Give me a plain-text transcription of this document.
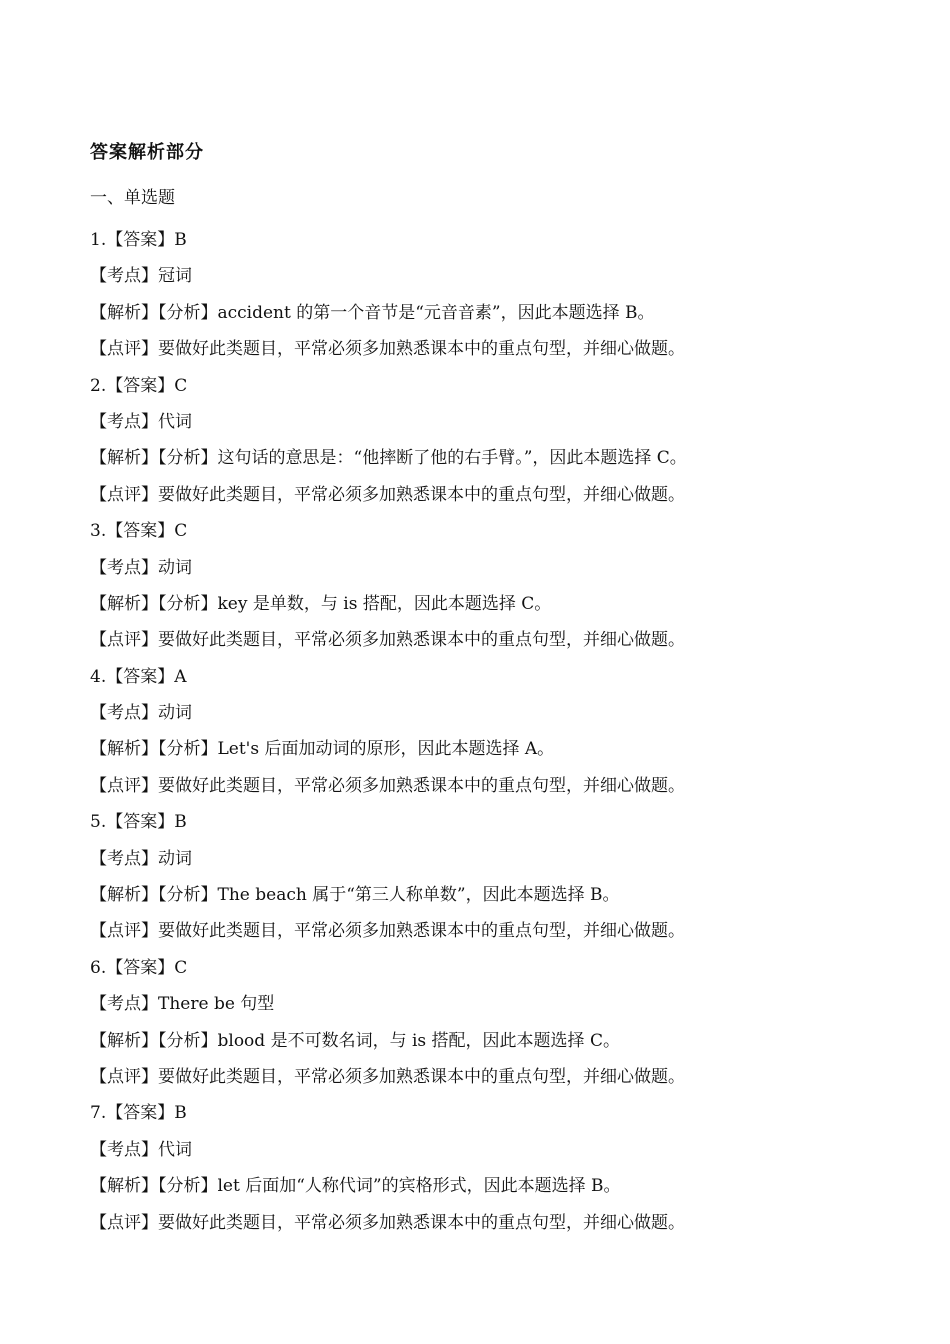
答案解析部分
一、单选题
1.【答案】B
【考点】冠词
【解析】【分析】accident 的第一个音节是“元音音素”，因此本题选择 B。
【点评】要做好此类题目，平常必须多加熟悉课本中的重点句型，并细心做题。
2.【答案】C
【考点】代词
【解析】【分析】这句话的意思是：“他摔断了他的右手臂。”，因此本题选择 C。
【点评】要做好此类题目，平常必须多加熟悉课本中的重点句型，并细心做题。
3.【答案】C
【考点】动词
【解析】【分析】key 是单数，与 is 搭配，因此本题选择 C。
【点评】要做好此类题目，平常必须多加熟悉课本中的重点句型，并细心做题。
4.【答案】A
【考点】动词
【解析】【分析】Let's 后面加动词的原形，因此本题选择 A。
【点评】要做好此类题目，平常必须多加熟悉课本中的重点句型，并细心做题。
5.【答案】B
【考点】动词
【解析】【分析】The beach 属于“第三人称单数”，因此本题选择 B。
【点评】要做好此类题目，平常必须多加熟悉课本中的重点句型，并细心做题。
6.【答案】C
【考点】There be 句型
【解析】【分析】blood 是不可数名词，与 is 搭配，因此本题选择 C。
【点评】要做好此类题目，平常必须多加熟悉课本中的重点句型，并细心做题。
7.【答案】B
【考点】代词
【解析】【分析】let 后面加“人称代词”的宾格形式，因此本题选择 B。
【点评】要做好此类题目，平常必须多加熟悉课本中的重点句型，并细心做题。
